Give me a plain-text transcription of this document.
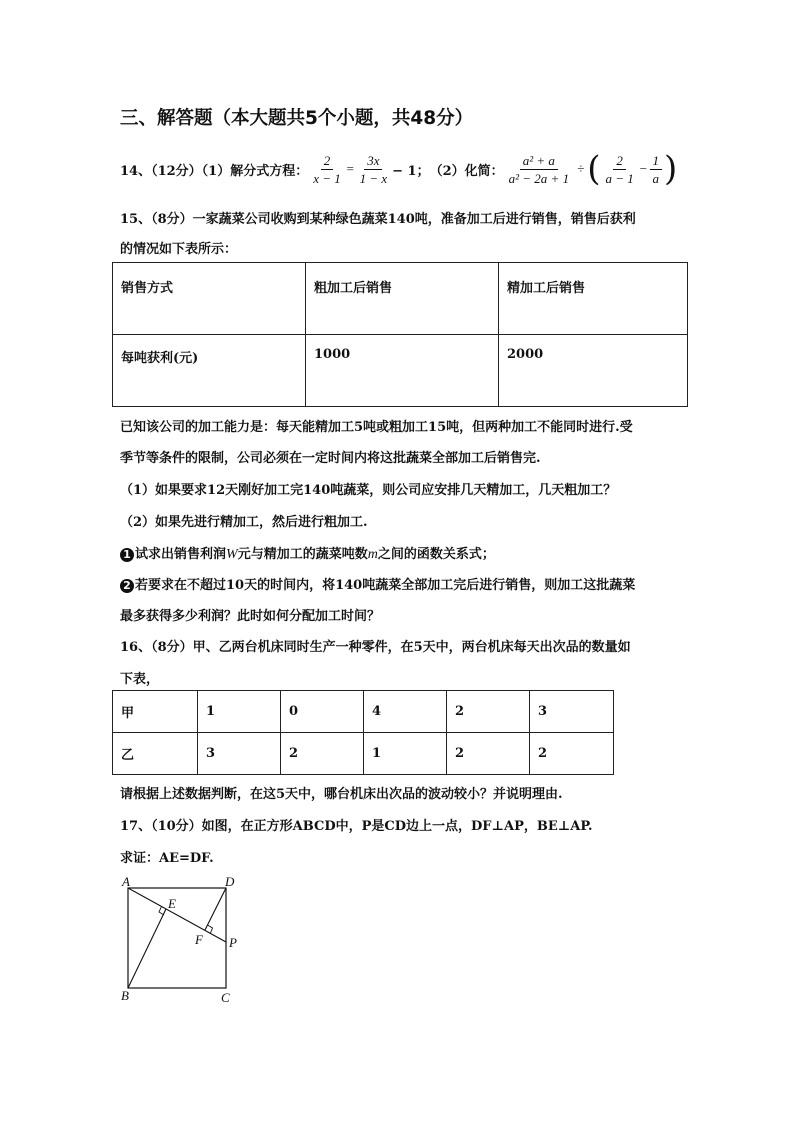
三、解答题（本大题共5个小题，共48分）
14、（12分）（1）解分式方程： $\frac{2}{x - 1} = \frac{3x}{1 - x} - 1$； （2）化简： $\frac{\text{a² + a}}{\text{a² − 2a + 1}}$ ÷ ( $\frac{2}{a - 1} - \frac{1}{a}$ )
15、（8分）一家蔬菜公司收购到某种绿色蔬菜140吨，准备加工后进行销售，销售后获利
的情况如下表所示：
销售方式	粗加工后销售	精加工后销售
每吨获利(元)	1000	2000
已知该公司的加工能力是：每天能精加工5吨或粗加工15吨，但两种加工不能同时进行.受
季节等条件的限制，公司必须在一定时间内将这批蔬菜全部加工后销售完.
（1）如果要求12天刚好加工完140吨蔬菜，则公司应安排几天精加工，几天粗加工？
（2）如果先进行精加工，然后进行粗加工.
1 试求出销售利润W元与精加工的蔬菜吨数m之间的函数关系式；
2 若要求在不超过10天的时间内，将140吨蔬菜全部加工完后进行销售，则加工这批蔬菜
最多获得多少利润？此时如何分配加工时间？
16、（8分）甲、乙两台机床同时生产一种零件，在5天中，两台机床每天出次品的数量如
下表，
甲	1	0	4	2	3
乙	3	2	1	2	2
请根据上述数据判断，在这5天中，哪台机床出次品的波动较小？并说明理由.
17、（10分）如图，在正方形ABCD中，P是CD边上一点，DF⊥AP，BE⊥AP.
求证：AE=DF.
A	D
B	C
E
F P
